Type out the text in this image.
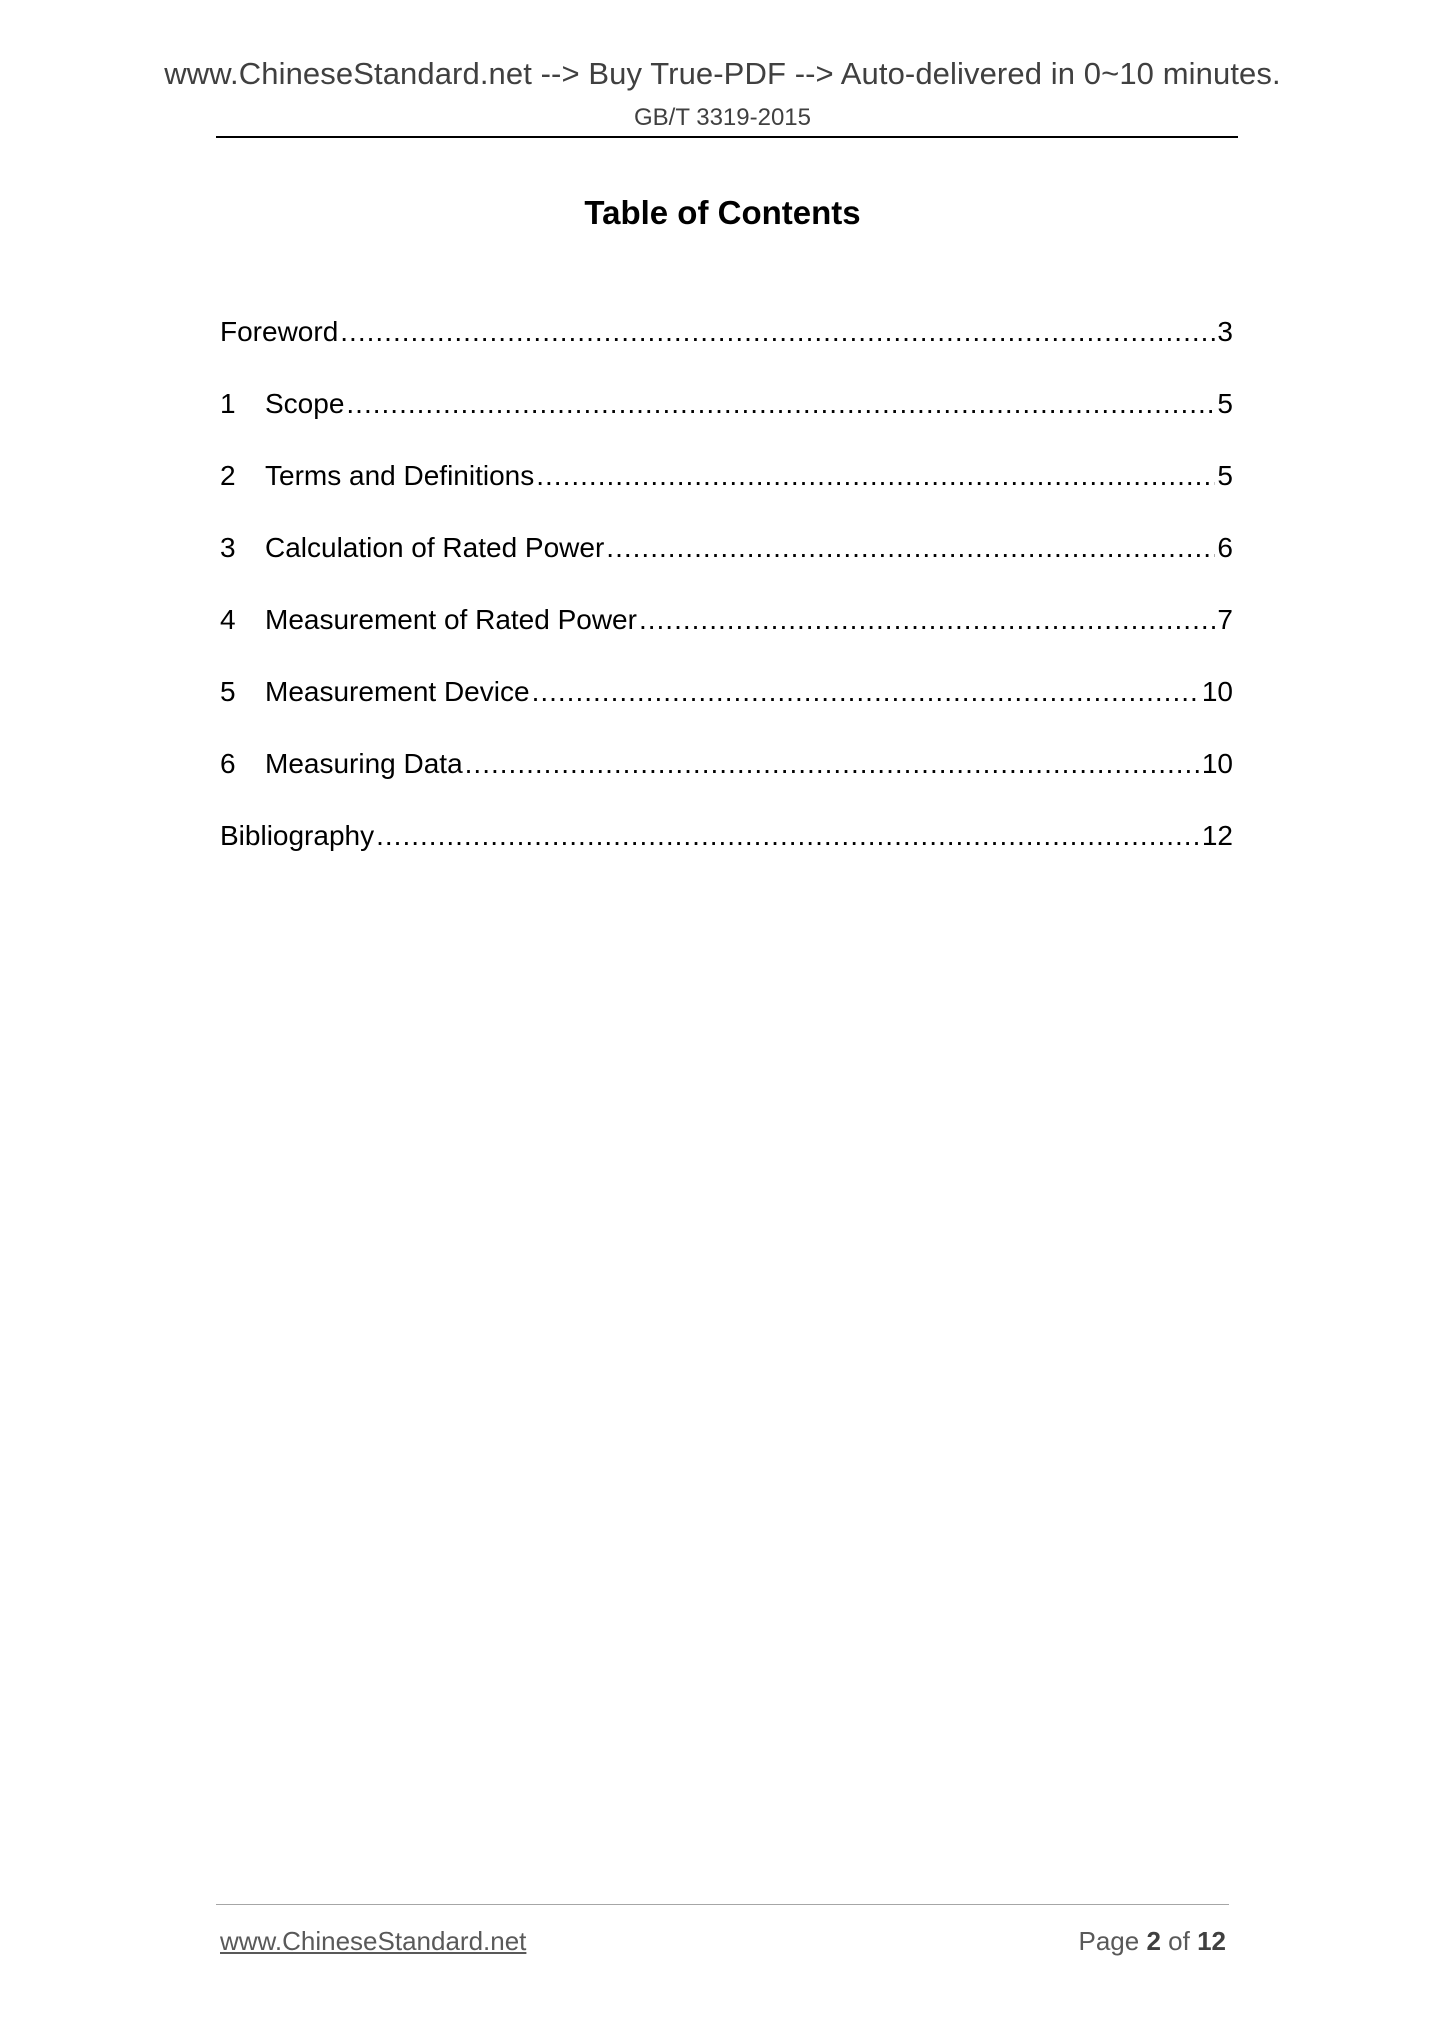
www.ChineseStandard.net --> Buy True-PDF --> Auto-delivered in 0~10 minutes.
GB/T 3319-2015
Table of Contents
Foreword .....	3
1	Scope .....	5
2	Terms and Definitions .....	5
3	Calculation of Rated Power .....	6
4	Measurement of Rated Power .....	7
5	Measurement Device .....	10
6	Measuring Data .....	10
Bibliography .....	12
www.ChineseStandard.net	Page 2 of 12
